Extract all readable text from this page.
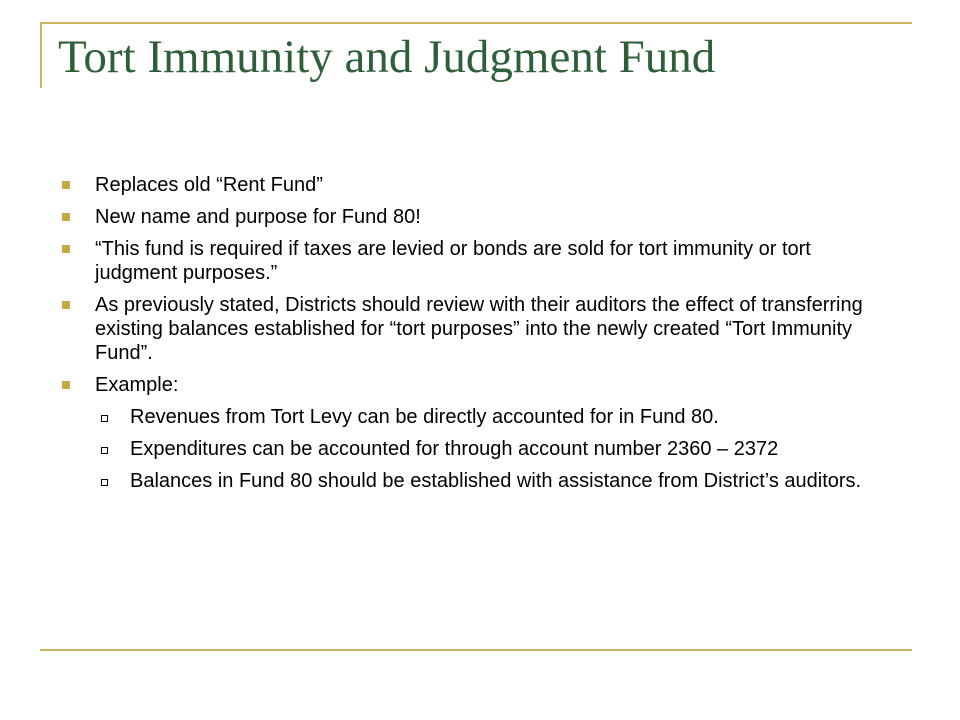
Tort Immunity and Judgment Fund
Replaces old “Rent Fund”
New name and purpose for Fund 80!
“This fund is required if taxes are levied or bonds are sold for tort immunity or tort judgment purposes.”
As previously stated, Districts should review with their auditors the effect of transferring existing balances established for “tort purposes” into the newly created “Tort Immunity Fund”.
Example:
Revenues from Tort Levy can be directly accounted for in Fund 80.
Expenditures can be accounted for through account number 2360 – 2372
Balances in Fund 80 should be established with assistance from District’s auditors.
